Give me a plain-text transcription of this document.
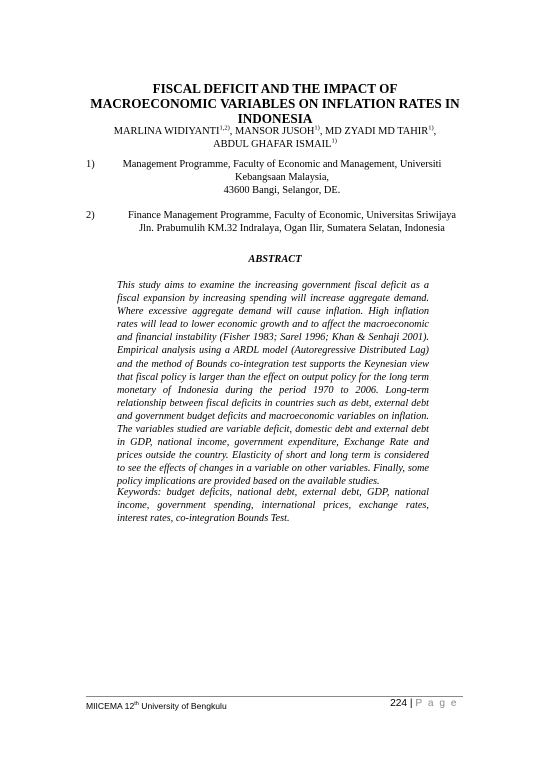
FISCAL DEFICIT AND THE IMPACT OF
MACROECONOMIC VARIABLES ON INFLATION RATES IN
INDONESIA
MARLINA WIDIYANTI$^{1,2)}$, MANSOR JUSOH$^{1)}$, MD ZYADI MD TAHIR$^{1)}$,
ABDUL GHAFAR ISMAIL$^{1)}$
1)	Management Programme, Faculty of Economic and Management, Universiti
Kebangsaan Malaysia,
43600 Bangi, Selangor, DE.
2)	Finance Management Programme, Faculty of Economic, Universitas Sriwijaya
Jln. Prabumulih KM.32 Indralaya, Ogan Ilir, Sumatera Selatan, Indonesia
ABSTRACT
This study aims to examine the increasing government fiscal deficit as a fiscal expansion by increasing spending will increase aggregate demand. Where excessive aggregate demand will cause inflation. High inflation rates will lead to lower economic growth and to affect the macroeconomic and financial instability (Fisher 1983; Sarel 1996; Khan & Senhaji 2001). Empirical analysis using a ARDL model (Autoregressive Distributed Lag) and the method of Bounds co-integration test supports the Keynesian view that fiscal policy is larger than the effect on output policy for the long term monetary of Indonesia during the period 1970 to 2006. Long-term relationship between fiscal deficits in countries such as debt, external debt and government budget deficits and macroeconomic variables on inflation. The variables studied are variable deficit, domestic debt and external debt in GDP, national income, government expenditure, Exchange Rate and prices outside the country. Elasticity of short and long term is considered to see the effects of changes in a variable on other variables. Finally, some policy implications are provided based on the available studies.
Keywords: budget deficits, national debt, external debt, GDP, national income, government spending, international prices, exchange rates, interest rates, co-integration Bounds Test.
MIICEMA 12th University of Bengkulu	224 | P a g e
